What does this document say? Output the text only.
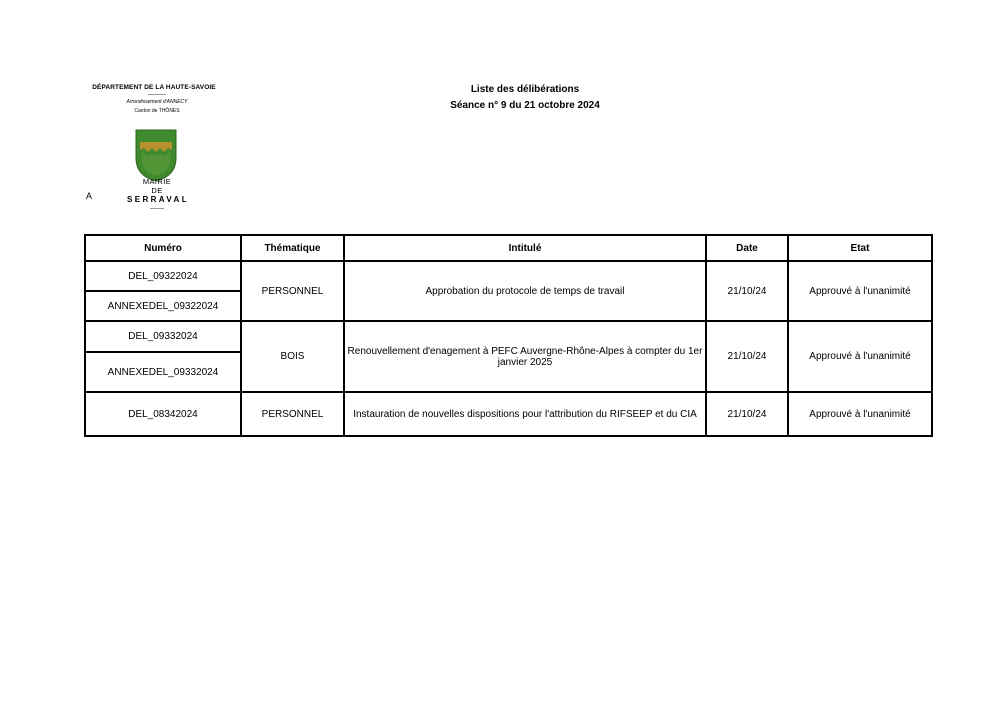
DÉPARTEMENT DE LA HAUTE-SAVOIE
Arrondissement d'ANNECY
Canton de THÔNES
MAIRIE
DE
SERRAVAL
A
Liste des délibérations
Séance n° 9 du 21 octobre 2024
Numéro	Thématique	Intitulé	Date	Etat
DEL_09322024	PERSONNEL	Approbation du protocole de temps de travail	21/10/24	Approuvé à l'unanimité
ANNEXEDEL_09322024				
DEL_09332024	BOIS	Renouvellement d'enagement à PEFC Auvergne-Rhône-Alpes à compter du 1er janvier 2025	21/10/24	Approuvé à l'unanimité
ANNEXEDEL_09332024				
DEL_08342024	PERSONNEL	Instauration de nouvelles dispositions pour l'attribution du RIFSEEP et du CIA	21/10/24	Approuvé à l'unanimité
